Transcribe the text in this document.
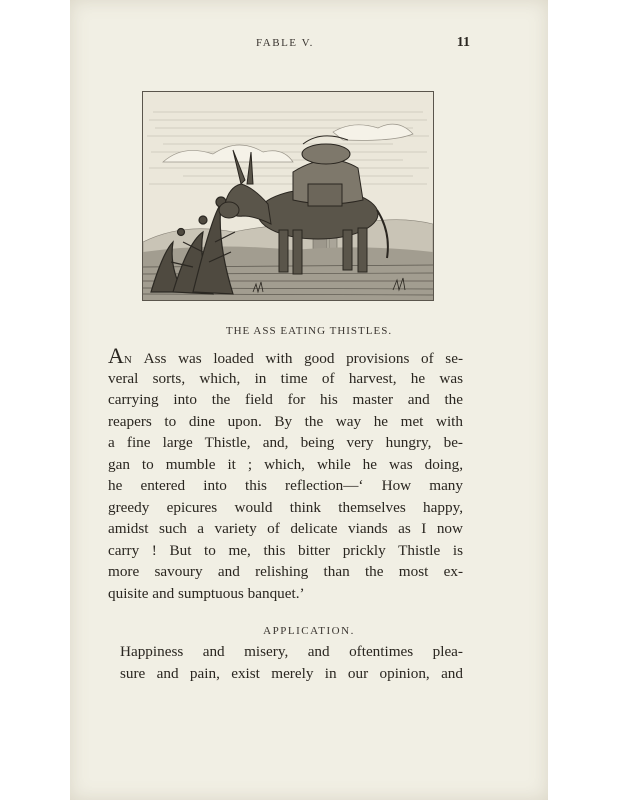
FABLE V.	11
THE ASS EATING THISTLES.
AN Ass was loaded with good provisions of se-
veral sorts, which, in time of harvest, he was
carrying into the field for his master and the
reapers to dine upon. By the way he met with
a fine large Thistle, and, being very hungry, be-
gan to mumble it ; which, while he was doing,
he entered into this reflection—‘ How many
greedy epicures would think themselves happy,
amidst such a variety of delicate viands as I now
carry ! But to me, this bitter prickly Thistle is
more savoury and relishing than the most ex-
quisite and sumptuous banquet.’
APPLICATION.
Happiness and misery, and oftentimes plea-
sure and pain, exist merely in our opinion, and
